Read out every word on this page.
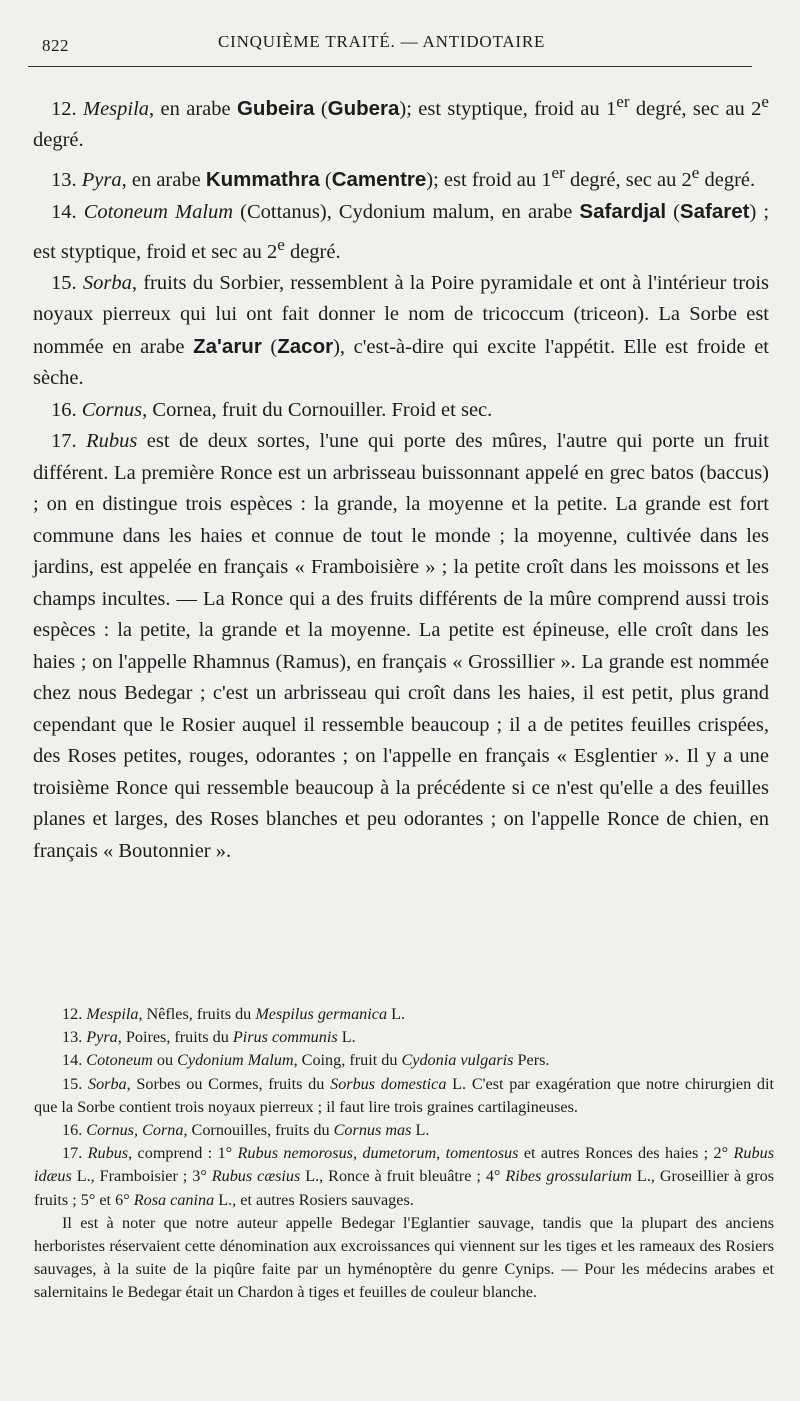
822	CINQUIÈME TRAITÉ. — ANTIDOTAIRE

12. Mespila, en arabe Gubeira (Gubera); est styptique, froid au 1er degré, sec au 2e degré.

13. Pyra, en arabe Kummathra (Camentre); est froid au 1er degré, sec au 2e degré.

14. Cotoneum Malum (Cottanus), Cydonium malum, en arabe Safardjal (Safaret) ; est styptique, froid et sec au 2e degré.

15. Sorba, fruits du Sorbier, ressemblent à la Poire pyramidale et ont à l'intérieur trois noyaux pierreux qui lui ont fait donner le nom de tricoccum (triceon). La Sorbe est nommée en arabe Za'arur (Zacor), c'est-à-dire qui excite l'appétit. Elle est froide et sèche.

16. Cornus, Cornea, fruit du Cornouiller. Froid et sec.

17. Rubus est de deux sortes, l'une qui porte des mûres, l'autre qui porte un fruit différent. La première Ronce est un arbrisseau buissonnant appelé en grec batos (baccus) ; on en distingue trois espèces : la grande, la moyenne et la petite. La grande est fort commune dans les haies et connue de tout le monde ; la moyenne, cultivée dans les jardins, est appelée en français « Framboisière » ; la petite croît dans les moissons et les champs incultes. — La Ronce qui a des fruits différents de la mûre comprend aussi trois espèces : la petite, la grande et la moyenne. La petite est épineuse, elle croît dans les haies ; on l'appelle Rhamnus (Ramus), en français « Grossillier ». La grande est nommée chez nous Bedegar ; c'est un arbrisseau qui croît dans les haies, il est petit, plus grand cependant que le Rosier auquel il ressemble beaucoup ; il a de petites feuilles crispées, des Roses petites, rouges, odorantes ; on l'appelle en français « Esglentier ». Il y a une troisième Ronce qui ressemble beaucoup à la précédente si ce n'est qu'elle a des feuilles planes et larges, des Roses blanches et peu odorantes ; on l'appelle Ronce de chien, en français « Boutonnier ».

12. Mespila, Nêfles, fruits du Mespilus germanica L.

13. Pyra, Poires, fruits du Pirus communis L.

14. Cotoneum ou Cydonium Malum, Coing, fruit du Cydonia vulgaris Pers.

15. Sorba, Sorbes ou Cormes, fruits du Sorbus domestica L. C'est par exagération que notre chirurgien dit que la Sorbe contient trois noyaux pierreux ; il faut lire trois graines cartilagineuses.

16. Cornus, Corna, Cornouilles, fruits du Cornus mas L.

17. Rubus, comprend : 1° Rubus nemorosus, dumetorum, tomentosus et autres Ronces des haies ; 2° Rubus idæus L., Framboisier ; 3° Rubus cæsius L., Ronce à fruit bleuâtre ; 4° Ribes grossularium L., Groseillier à gros fruits ; 5° et 6° Rosa canina L., et autres Rosiers sauvages.

Il est à noter que notre auteur appelle Bedegar l'Eglantier sauvage, tandis que la plupart des anciens herboristes réservaient cette dénomination aux excroissances qui viennent sur les tiges et les rameaux des Rosiers sauvages, à la suite de la piqûre faite par un hyménoptère du genre Cynips. — Pour les médecins arabes et salernitains le Bedegar était un Chardon à tiges et feuilles de couleur blanche.
